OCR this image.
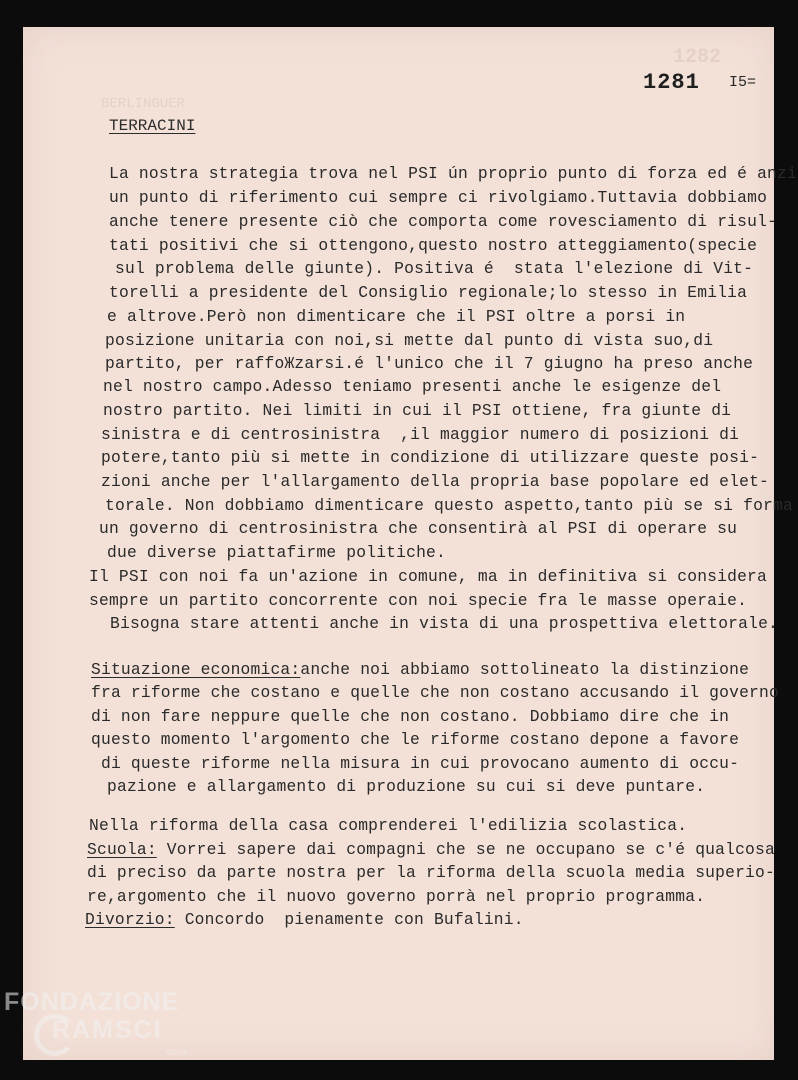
1282
BERLINGUER
1281 I5=
TERRACINI
La nostra strategia trova nel PSI ún proprio punto di forza ed é anzi
un punto di riferimento cui sempre ci rivolgiamo.Tuttavia dobbiamo
anche tenere presente ciò che comporta come rovesciamento di risul-
tati positivi che si ottengono,questo nostro atteggiamento(specie
sul problema delle giunte). Positiva é  stata l'elezione di Vit-
torelli a presidente del Consiglio regionale;lo stesso in Emilia
e altrove.Però non dimenticare che il PSI oltre a porsi in
posizione unitaria con noi,si mette dal punto di vista suo,di
partito, per raffoЖzarsi.é l'unico che il 7 giugno ha preso anche
nel nostro campo.Adesso teniamo presenti anche le esigenze del
nostro partito. Nei limiti in cui il PSI ottiene, fra giunte di
sinistra e di centrosinistra  ,il maggior numero di posizioni di
potere,tanto più si mette in condizione di utilizzare queste posi-
zioni anche per l'allargamento della propria base popolare ed elet-
torale. Non dobbiamo dimenticare questo aspetto,tanto più se si forma
un governo di centrosinistra che consentirà al PSI di operare su
due diverse piattafirme politiche.
Il PSI con noi fa un'azione in comune, ma in definitiva si considera
sempre un partito concorrente con noi specie fra le masse operaie.
Bisogna stare attenti anche in vista di una prospettiva elettorale.
Situazione economica:anche noi abbiamo sottolineato la distinzione
fra riforme che costano e quelle che non costano accusando il governo
di non fare neppure quelle che non costano. Dobbiamo dire che in
questo momento l'argomento che le riforme costano depone a favore
di queste riforme nella misura in cui provocano aumento di occu-
pazione e allargamento di produzione su cui si deve puntare.
Nella riforma della casa comprenderei l'edilizia scolastica.
Scuola: Vorrei sapere dai compagni che se ne occupano se c'é qualcosa
di preciso da parte nostra per la riforma della scuola media superio-
re,argomento che il nuovo governo porrà nel proprio programma.
Divorzio: Concordo  pienamente con Bufalini.
FONDAZIONE
RAMSCI
onlus
